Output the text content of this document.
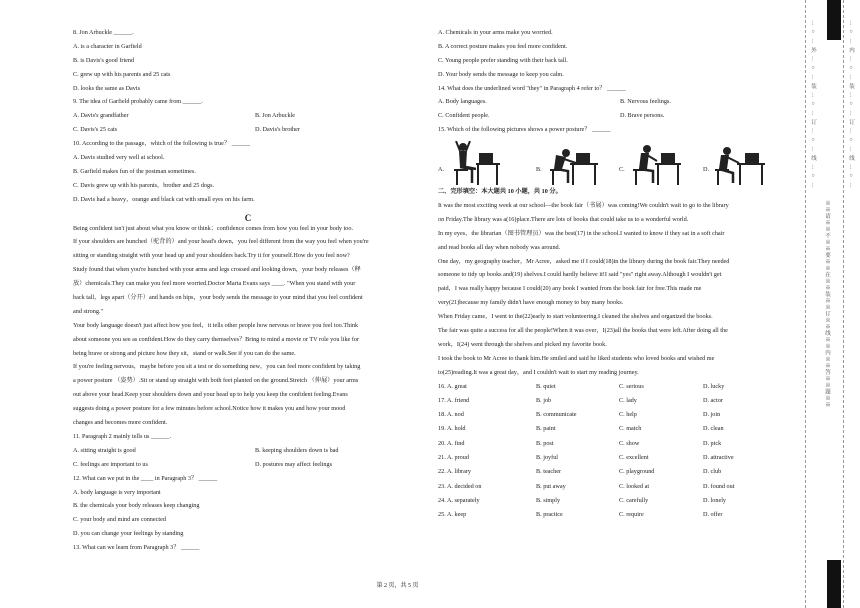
8. Jon Arbuckle ______.

A. is a character in Garfield

B. is Davis's good friend

C. grew up with his parents and 25 cats

D. looks the same as Davis

9. The idea of Garfield probably came from ______.

A. Davis's grandfather	B. Jon Arbuckle
C. Davis's 25 cats	D. Davis's brother

10. According to the passage，which of the following is true？ ______

A. Davis studied very well at school.

B. Garfield makes fun of the postman sometimes.

C. Davis grew up with his parents，brother and 25 dogs.

D. Davis had a heavy，orange and black cat with small eyes on his farm.

C

Being confident isn't just about what you know or think；confidence comes from how you feel in your body too.

If your shoulders are hunched（驼背的）and your head's down，you feel different from the way you feel when you're

sitting or standing straight with your head up and your shoulders back.Try it for yourself.How do you feel now?

Study found that when you're hunched with your arms and legs crossed and looking down，your body releases（释

放）chemicals.They can make you feel more worried.Doctor Marta Evans says ____. "When you stand with your

back tall，legs apart（分开）and hands on hips，your body sends the message to your mind that you feel confident

and strong."

Your body language doesn't just affect how you feel，it tells other people how nervous or brave you feel too.Think

about someone you see as confident.How do they carry themselves？Bring to mind a movie or TV role you like for

being brave or strong and picture how they sit，stand or walk.See if you can do the same.

If you're feeling nervous，maybe before you sit a test or do something new，you can feel more confident by taking

a power posture （姿势）.Sit or stand up straight with both feet planted on the ground.Stretch （伸展）your arms

out above your head.Keep your shoulders down and your head up to help you keep the confident feeling.Evans

suggests doing a power posture for a few minutes before school.Notice how it makes you and how your mood

changes and becomes more confident.

11. Paragraph 2 mainly tells us ______.

A. sitting straight is good	B. keeping shoulders down is bad
C. feelings are important to us	D. postures may affect feelings

12. What can we put in the ____ in Paragraph 3？ ______

A. body language is very important

B. the chemicals your body releases keep changing

C. your body and mind are connected

D. you can change your feelings by standing

13. What can we learn from Paragraph 3？ ______

A. Chemicals in your arms make you worried.

B. A correct posture makes you feel more confident.

C. Young people prefer standing with their back tall.

D. Your body sends the message to keep you calm.

14. What does the underlined word "they" in Paragraph 4 refer to？ ______

A. Body languages.	B. Nervous feelings.
C. Confident people.	D. Brave persons.

15. Which of the following pictures shows a power posture？ ______

A.	B.	C.	D.

二、完形填空：本大题共 10 小题，共 10 分。

It was the most exciting week at our school—the book fair（书展）was coming!We couldn't wait to go to the library

on Friday.The library was a(16)place.There are lots of books that could take us to a wonderful world.

In my eyes，the librarian（图书管理员）was the best(17) in the school.I wanted to know if they sat in a soft chair

and read books all day when nobody was around.

One day，my geography teacher，Mr Acree，asked me if I could(18)in the library during the book fair.They needed

someone to tidy up books and(19) shelves.I could hardly believe it!I said "yes" right away.Although I wouldn't get

paid，I was really happy because I could(20) any book I wanted from the book fair for free.This made me

very(21)because my family didn't have enough money to buy many books.

When Friday came，I went to the(22)early to start volunteering.I cleaned the shelves and organized the books.

The fair was quite a success for all the people!When it was over，I(23)all the books that were left.After doing all the

work，I(24) went through the shelves and picked my favorite book.

I took the book to Mr Acree to thank him.He smiled and said he liked students who loved books and wished me

to(25)reading.It was a great day，and I couldn't wait to start my reading journey.

16. A. great	B. quiet	C. serious	D. lucky
17. A. friend	B. job	C. lady	D. actor
18. A. nod	B. communicate	C. help	D. join
19. A. hold	B. paint	C. match	D. clean
20. A. find	B. post	C. show	D. pick
21. A. proud	B. joyful	C. excellent	D. attractive
22. A. library	B. teacher	C. playground	D. club
23. A. decided on	B. put away	C. looked at	D. found out
24. A. separately	B. simply	C. carefully	D. lonely
25. A. keep	B. practice	C. require	D. offer
第 2 页，共 5 页
… ○ … 外 … ○ … 装 … ○ … 订 … ○ … 线 … ○ …	… ○ … 内 … ○ … 装 … ○ … 订 … ○ … 线 … ○ …
※※请※※不※※要※※在※※装※※订※※线※※内※※答※※题※※
